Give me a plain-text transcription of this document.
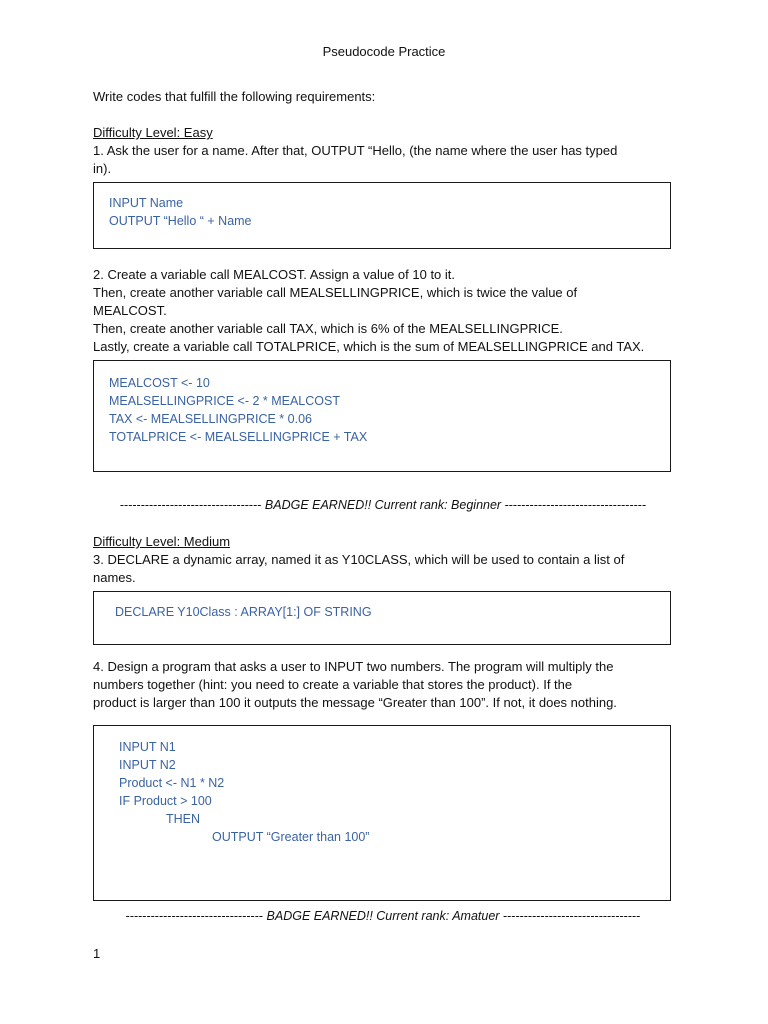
Pseudocode Practice
Write codes that fulfill the following requirements:
Difficulty Level: Easy
1. Ask the user for a name. After that, OUTPUT “Hello, (the name where the user has typed
in).
INPUT Name
OUTPUT “Hello “ + Name
2. Create a variable call MEALCOST. Assign a value of 10 to it.
Then, create another variable call MEALSELLINGPRICE, which is twice the value of
MEALCOST.
Then, create another variable call TAX, which is 6% of the MEALSELLINGPRICE.
Lastly, create a variable call TOTALPRICE, which is the sum of MEALSELLINGPRICE and TAX.
MEALCOST <- 10
MEALSELLINGPRICE <- 2 * MEALCOST
TAX <- MEALSELLINGPRICE * 0.06
TOTALPRICE <- MEALSELLINGPRICE + TAX
---------------------------------- BADGE EARNED!! Current rank: Beginner ----------------------------------
Difficulty Level: Medium
3. DECLARE a dynamic array, named it as Y10CLASS, which will be used to contain a list of
names.
DECLARE Y10Class : ARRAY[1:] OF STRING
4. Design a program that asks a user to INPUT two numbers. The program will multiply the
numbers together (hint: you need to create a variable that stores the product). If the
product is larger than 100 it outputs the message “Greater than 100”. If not, it does nothing.
INPUT N1
INPUT N2
Product <- N1 * N2
IF Product > 100
THEN
OUTPUT “Greater than 100”
--------------------------------- BADGE EARNED!! Current rank: Amatuer ---------------------------------
1
